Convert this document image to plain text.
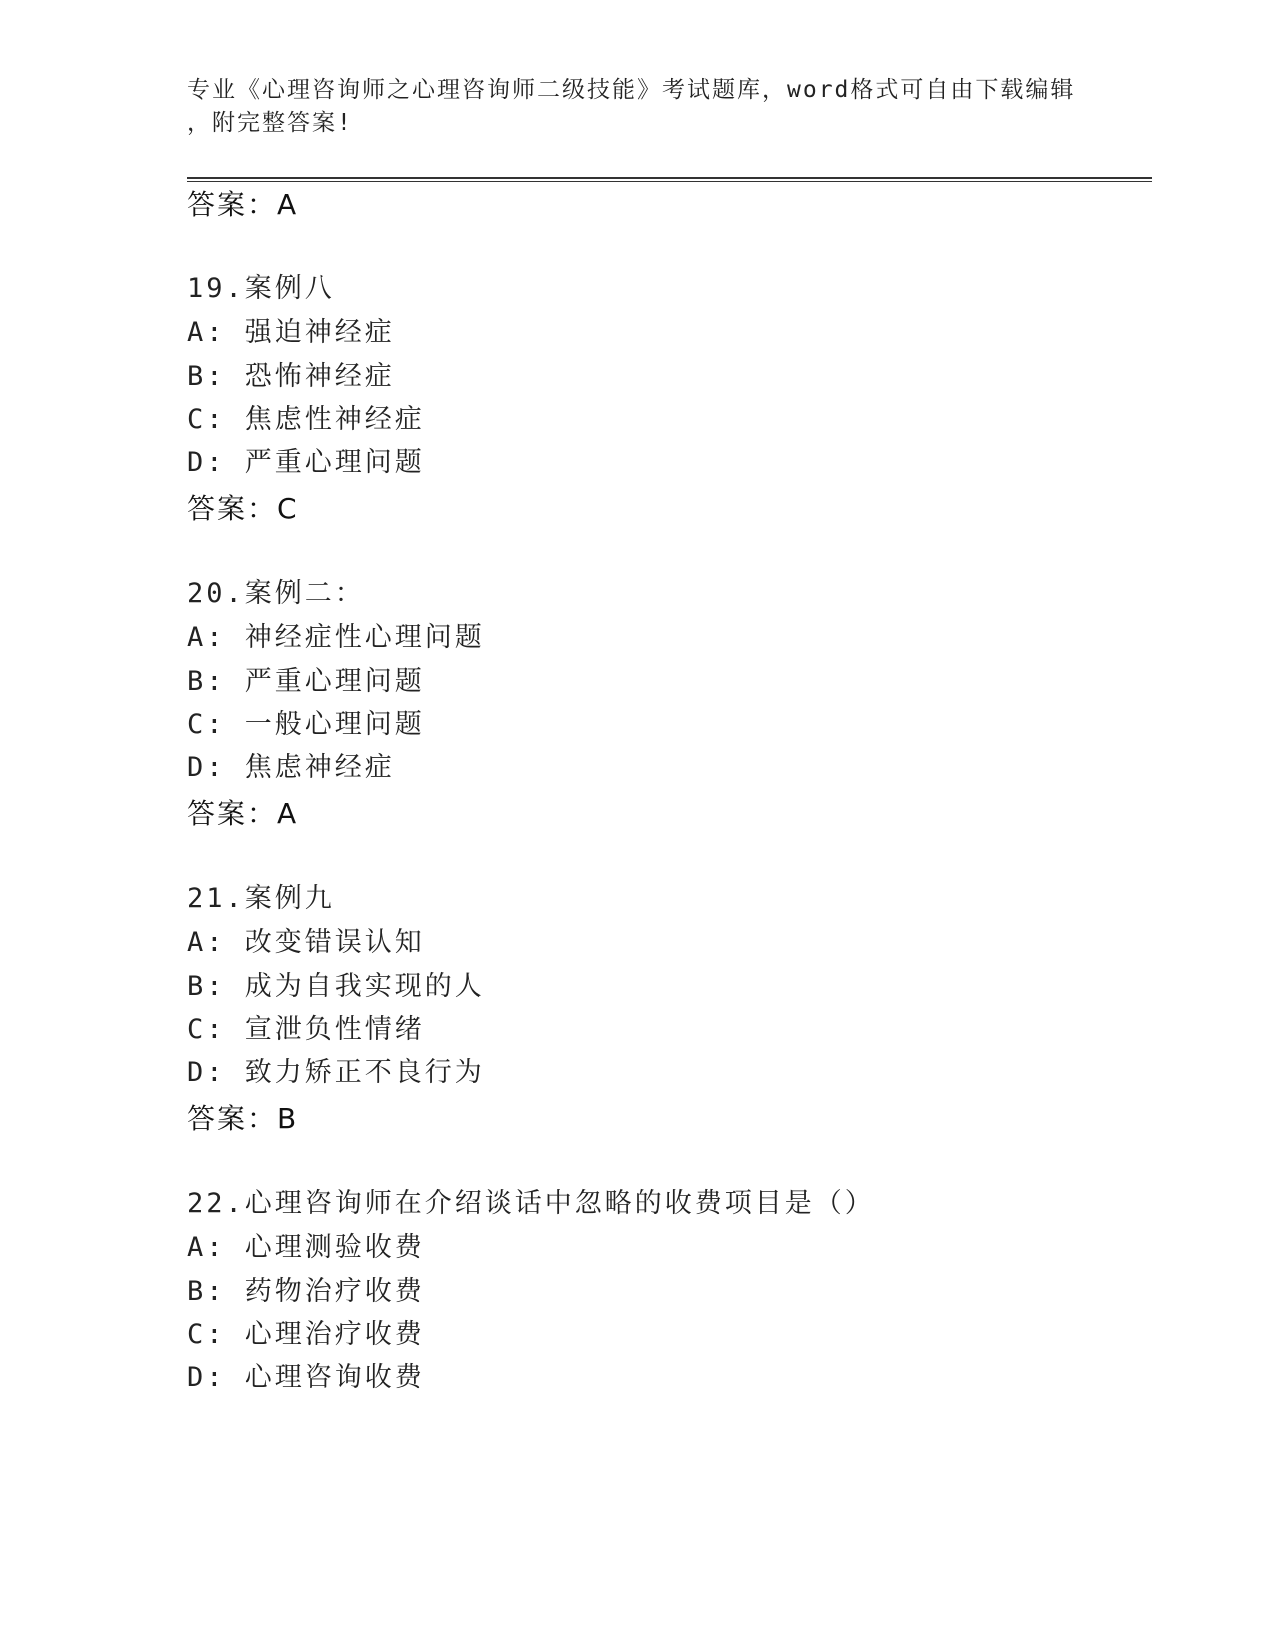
专业《心理咨询师之心理咨询师二级技能》考试题库，word格式可自由下载编辑
，附完整答案!
答案：A
19.案例八
A: 强迫神经症
B: 恐怖神经症
C: 焦虑性神经症
D: 严重心理问题
答案：C
20.案例二：
A: 神经症性心理问题
B: 严重心理问题
C: 一般心理问题
D: 焦虑神经症
答案：A
21.案例九
A: 改变错误认知
B: 成为自我实现的人
C: 宣泄负性情绪
D: 致力矫正不良行为
答案：B
22.心理咨询师在介绍谈话中忽略的收费项目是（）
A: 心理测验收费
B: 药物治疗收费
C: 心理治疗收费
D: 心理咨询收费
